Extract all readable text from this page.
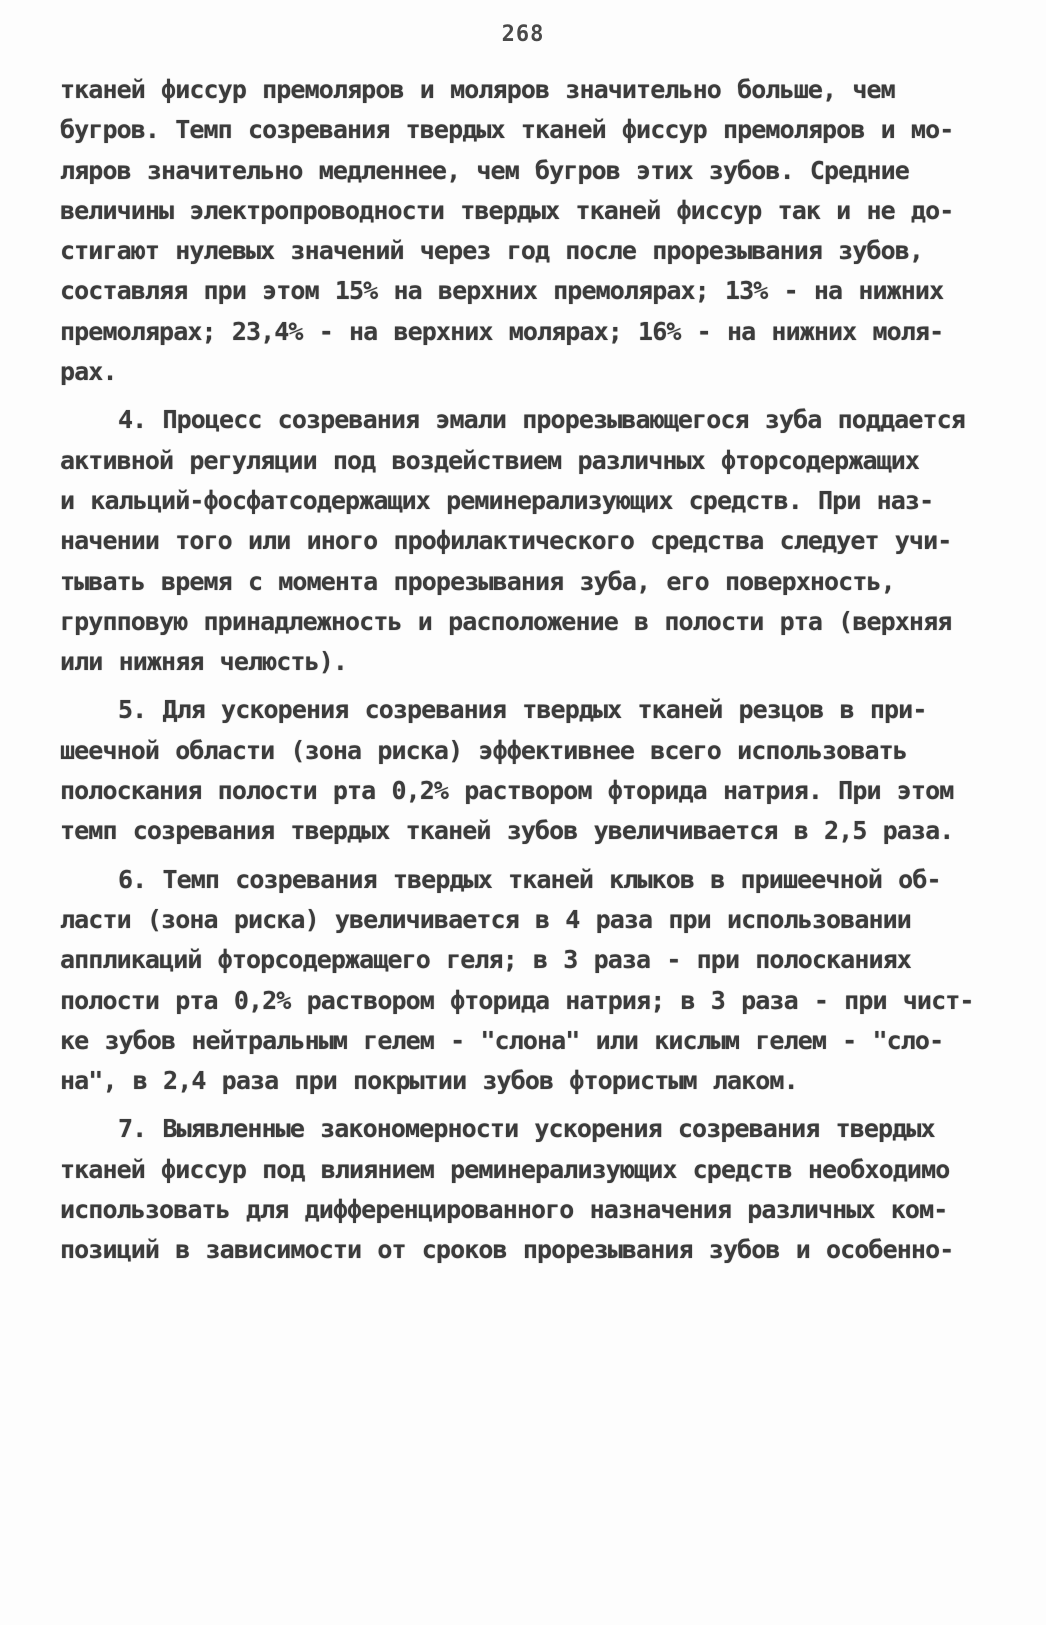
268
тканей фиссур премоляров и моляров значительно больше, чем
бугров. Темп созревания твердых тканей фиссур премоляров и мо-
ляров значительно медленнее, чем бугров этих зубов. Средние
величины электропроводности твердых тканей фиссур так и не до-
стигают нулевых значений через год после прорезывания зубов,
составляя при этом 15% на верхних премолярах; 13% - на нижних
премолярах; 23,4% - на верхних молярах; 16% - на нижних моля-
рах.
4. Процесс созревания эмали прорезывающегося зуба поддается
активной регуляции под воздействием различных фторсодержащих
и кальций-фосфатсодержащих реминерализующих средств. При наз-
начении того или иного профилактического средства следует учи-
тывать время с момента прорезывания зуба, его поверхность,
групповую принадлежность и расположение в полости рта (верхняя
или нижняя челюсть).
5. Для ускорения созревания твердых тканей резцов в при-
шеечной области (зона риска) эффективнее всего использовать
полоскания полости рта 0,2% раствором фторида натрия. При этом
темп созревания твердых тканей зубов увеличивается в 2,5 раза.
6. Темп созревания твердых тканей клыков в пришеечной об-
ласти (зона риска) увеличивается в 4 раза при использовании
аппликаций фторсодержащего геля; в 3 раза - при полосканиях
полости рта 0,2% раствором фторида натрия; в 3 раза - при чист-
ке зубов нейтральным гелем - "слона" или кислым гелем - "сло-
на", в 2,4 раза при покрытии зубов фтористым лаком.
7. Выявленные закономерности ускорения созревания твердых
тканей фиссур под влиянием реминерализующих средств необходимо
использовать для дифференцированного назначения различных ком-
позиций в зависимости от сроков прорезывания зубов и особенно-
